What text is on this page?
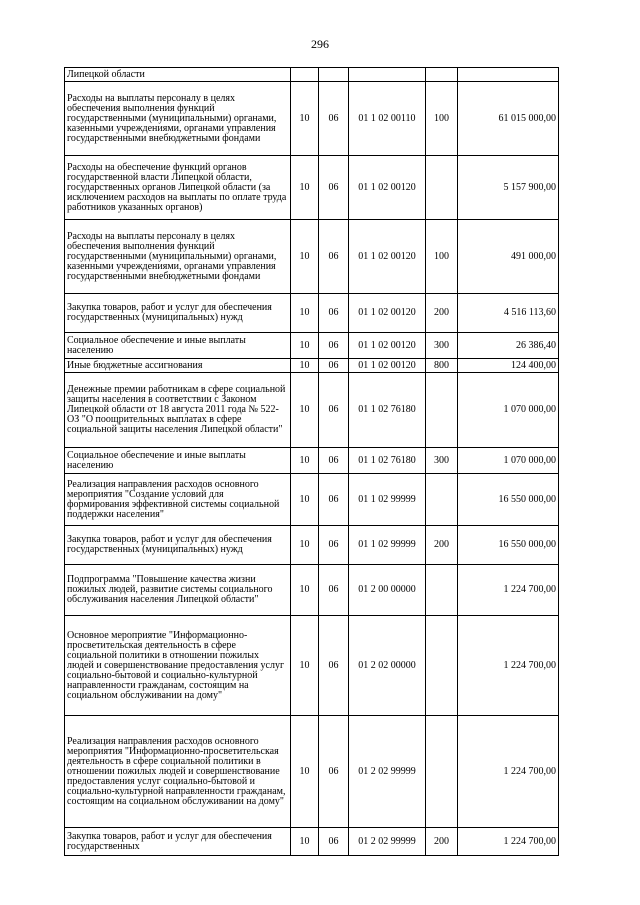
296
Липецкой области					
Расходы на выплаты персоналу в целях обеспечения выполнения функций государственными (муниципальными) органами, казенными учреждениями, органами управления государственными внебюджетными фондами	10	06	01 1 02 00110	100	61 015 000,00
Расходы на обеспечение функций органов государственной власти Липецкой области, государственных органов Липецкой области (за исключением расходов на выплаты по оплате труда работников указанных органов)	10	06	01 1 02 00120		5 157 900,00
Расходы на выплаты персоналу в целях обеспечения выполнения функций государственными (муниципальными) органами, казенными учреждениями, органами управления государственными внебюджетными фондами	10	06	01 1 02 00120	100	491 000,00
Закупка товаров, работ и услуг для обеспечения государственных (муниципальных) нужд	10	06	01 1 02 00120	200	4 516 113,60
Социальное обеспечение и иные выплаты населению	10	06	01 1 02 00120	300	26 386,40
Иные бюджетные ассигнования	10	06	01 1 02 00120	800	124 400,00
Денежные премии работникам в сфере социальной защиты населения в соответствии с Законом Липецкой области от 18 августа 2011 года № 522-ОЗ "О поощрительных выплатах в сфере социальной защиты населения Липецкой области"	10	06	01 1 02 76180		1 070 000,00
Социальное обеспечение и иные выплаты населению	10	06	01 1 02 76180	300	1 070 000,00
Реализация направления расходов основного мероприятия "Создание условий для формирования эффективной системы социальной поддержки населения"	10	06	01 1 02 99999		16 550 000,00
Закупка товаров, работ и услуг для обеспечения государственных (муниципальных) нужд	10	06	01 1 02 99999	200	16 550 000,00
Подпрограмма "Повышение качества жизни пожилых людей, развитие системы социального обслуживания населения Липецкой области"	10	06	01 2 00 00000		1 224 700,00
Основное мероприятие "Информационно-просветительская деятельность в сфере социальной политики в отношении пожилых людей и совершенствование предоставления услуг социально-бытовой и социально-культурной направленности гражданам, состоящим на социальном обслуживании на дому"	10	06	01 2 02 00000		1 224 700,00
Реализация направления расходов основного мероприятия "Информационно-просветительская деятельность в сфере социальной политики в отношении пожилых людей и совершенствование предоставления услуг социально-бытовой и социально-культурной направленности гражданам, состоящим на социальном обслуживании на дому"	10	06	01 2 02 99999		1 224 700,00
Закупка товаров, работ и услуг для обеспечения государственных	10	06	01 2 02 99999	200	1 224 700,00
